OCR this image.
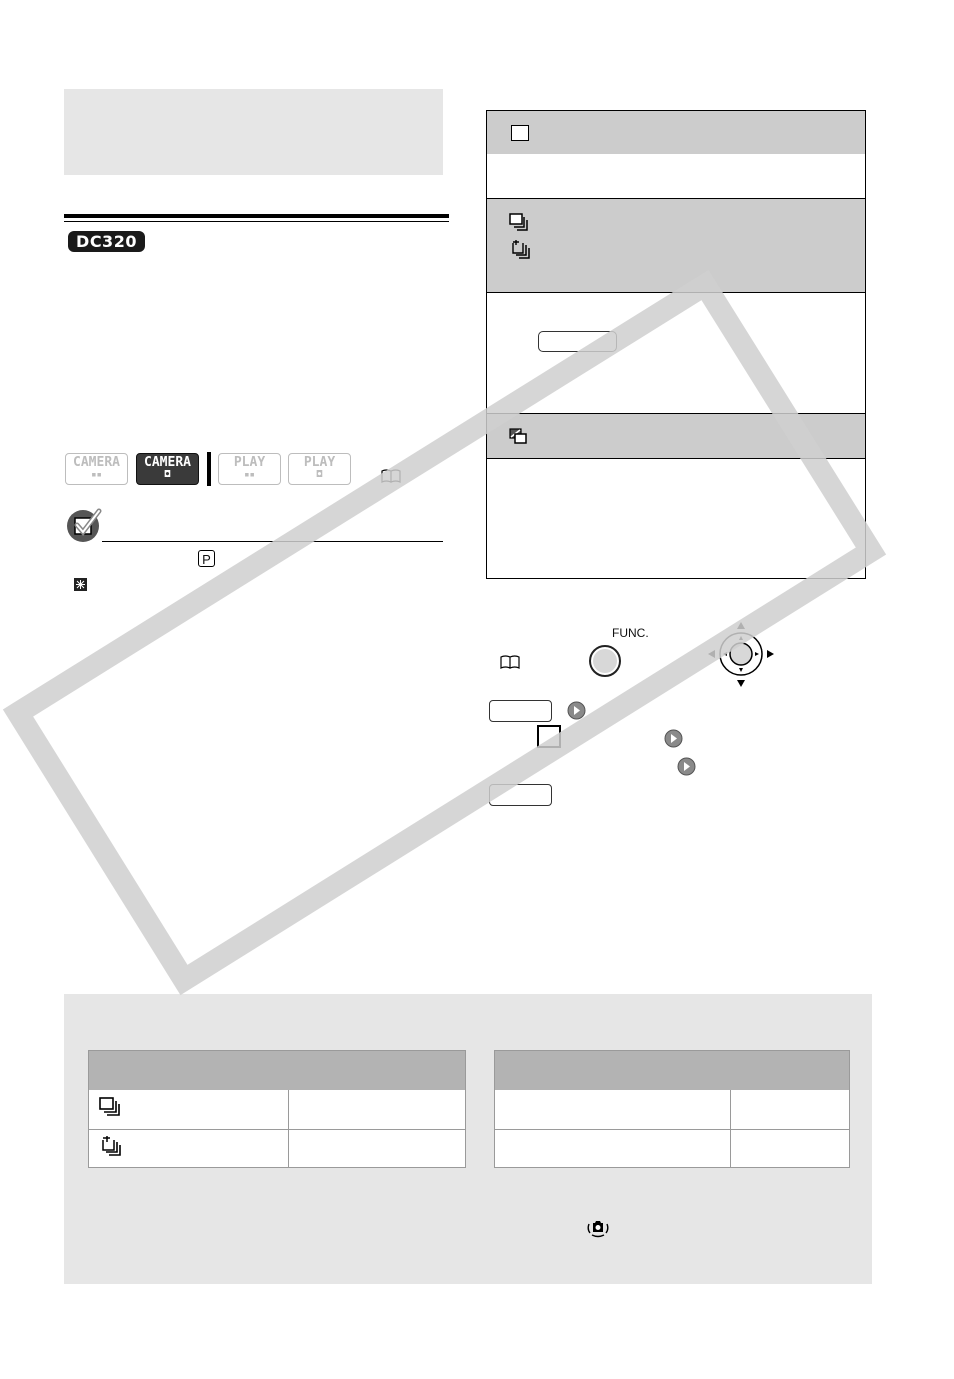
DC320
CAMERA
▪▪
CAMERA
◘
PLAY
▪▪
PLAY
◘
P
FUNC.
